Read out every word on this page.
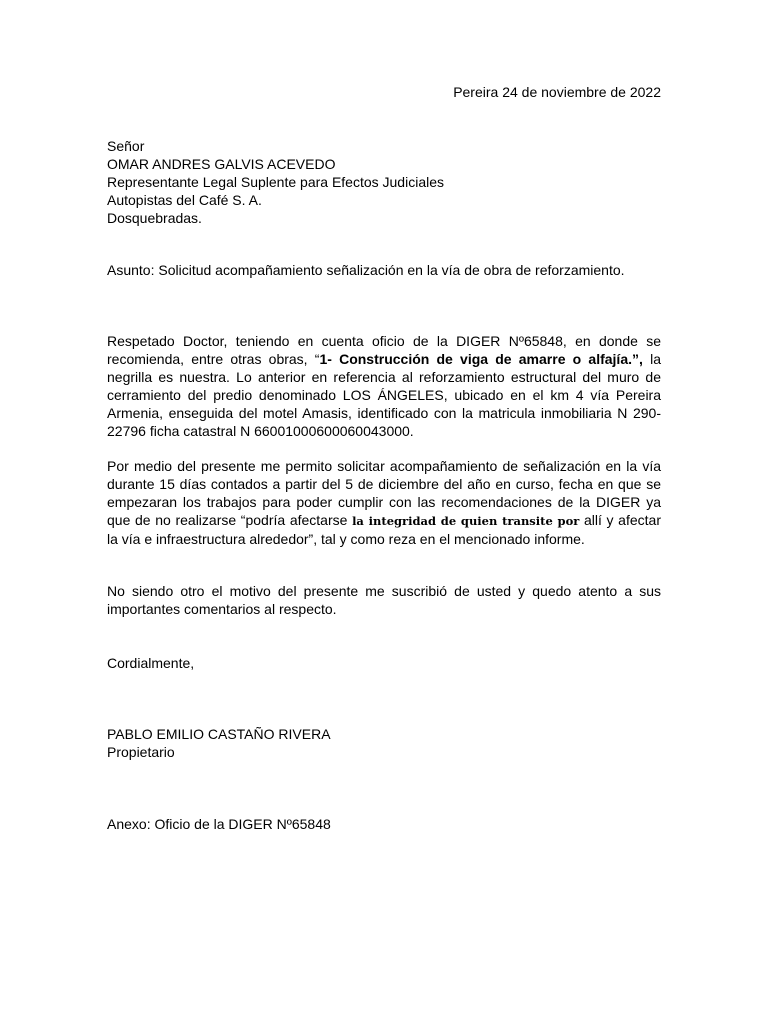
Pereira 24 de noviembre de 2022
Señor
OMAR ANDRES GALVIS ACEVEDO
Representante Legal Suplente para Efectos Judiciales
Autopistas del Café S. A.
Dosquebradas.
Asunto: Solicitud acompañamiento señalización en la vía de obra de reforzamiento.
Respetado Doctor, teniendo en cuenta oficio de la DIGER Nº65848, en donde se recomienda, entre otras obras, “1- Construcción de viga de amarre o alfajía.”, la negrilla es nuestra. Lo anterior en referencia al reforzamiento estructural del muro de cerramiento del predio denominado LOS ÁNGELES, ubicado en el km 4 vía Pereira Armenia, enseguida del motel Amasis, identificado con la matricula inmobiliaria N 290-22796 ficha catastral N 66001000600060043000.
Por medio del presente me permito solicitar acompañamiento de señalización en la vía durante 15 días contados a partir del 5 de diciembre del año en curso, fecha en que se empezaran los trabajos para poder cumplir con las recomendaciones de la DIGER ya que de no realizarse “podría afectarse la integridad de quien transite por allí y afectar la vía e infraestructura alrededor”, tal y como reza en el mencionado informe.
No siendo otro el motivo del presente me suscribió de usted y quedo atento a sus importantes comentarios al respecto.
Cordialmente,
PABLO EMILIO CASTAÑO RIVERA
Propietario
Anexo: Oficio de la DIGER Nº65848
